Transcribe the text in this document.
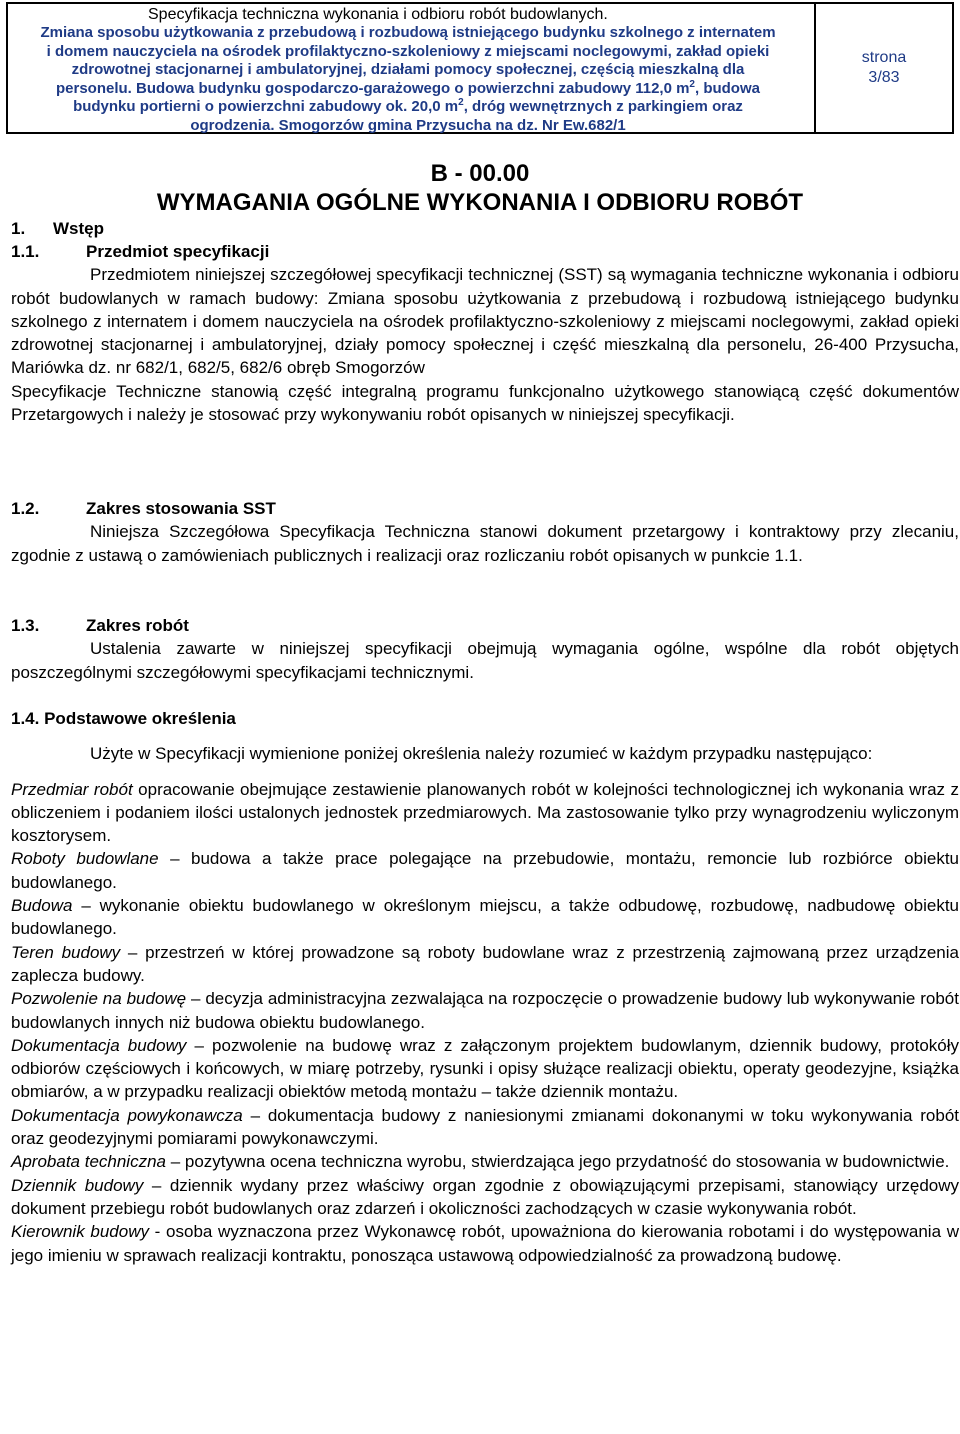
Specyfikacja techniczna wykonania i odbioru robót budowlanych.
Zmiana sposobu użytkowania z przebudową i rozbudową istniejącego budynku szkolnego z internatem
i domem nauczyciela na ośrodek profilaktyczno-szkoleniowy z miejscami noclegowymi, zakład opieki
zdrowotnej stacjonarnej i ambulatoryjnej, działami pomocy społecznej, częścią mieszkalną dla
personelu. Budowa budynku gospodarczo-garażowego o powierzchni zabudowy 112,0 $m^2$, budowa
budynku portierni o powierzchni zabudowy ok. 20,0 $m^2$, dróg wewnętrznych z parkingiem oraz
ogrodzenia. Smogorzów gmina Przysucha na dz. Nr Ew.682/1
strona
3/83
B - 00.00
WYMAGANIA OGÓLNE WYKONANIA I ODBIORU ROBÓT
1. Wstęp
1.1.	Przedmiot specyfikacji

Przedmiotem niniejszej szczegółowej specyfikacji technicznej (SST) są wymagania techniczne wykonania i odbioru robót budowlanych w ramach budowy: Zmiana sposobu użytkowania z przebudową i rozbudową istniejącego budynku szkolnego z internatem i domem nauczyciela na ośrodek profilaktyczno-szkoleniowy z miejscami noclegowymi, zakład opieki zdrowotnej stacjonarnej i ambulatoryjnej, działy pomocy społecznej i część mieszkalną dla personelu, 26-400 Przysucha, Mariówka dz. nr 682/1, 682/5, 682/6 obręb Smogorzów

Specyfikacje Techniczne stanowią część integralną programu funkcjonalno użytkowego stanowiącą część dokumentów Przetargowych i należy je stosować przy wykonywaniu robót opisanych w niniejszej specyfikacji.

1.2.	Zakres stosowania SST

Niniejsza Szczegółowa Specyfikacja Techniczna stanowi dokument przetargowy i kontraktowy przy zlecaniu, zgodnie z ustawą o zamówieniach publicznych i realizacji oraz rozliczaniu robót opisanych w punkcie 1.1.

1.3.	Zakres robót

Ustalenia zawarte w niniejszej specyfikacji obejmują wymagania ogólne, wspólne dla robót objętych poszczególnymi szczegółowymi specyfikacjami technicznymi.

1.4. Podstawowe określenia

Użyte w Specyfikacji wymienione poniżej określenia należy rozumieć w każdym przypadku następująco:

Przedmiar robót opracowanie obejmujące zestawienie planowanych robót w kolejności technologicznej ich wykonania wraz z obliczeniem i podaniem ilości ustalonych jednostek przedmiarowych. Ma zastosowanie tylko przy wynagrodzeniu wyliczonym kosztorysem.

Roboty budowlane – budowa a także prace polegające na przebudowie, montażu, remoncie lub rozbiórce obiektu budowlanego.

Budowa – wykonanie obiektu budowlanego w określonym miejscu, a także odbudowę, rozbudowę, nadbudowę obiektu budowlanego.

Teren budowy – przestrzeń w której prowadzone są roboty budowlane wraz z przestrzenią zajmowaną przez urządzenia zaplecza budowy.

Pozwolenie na budowę – decyzja administracyjna zezwalająca na rozpoczęcie o prowadzenie budowy lub wykonywanie robót budowlanych innych niż budowa obiektu budowlanego.

Dokumentacja budowy – pozwolenie na budowę wraz z załączonym projektem budowlanym, dziennik budowy, protokóły odbiorów częściowych i końcowych, w miarę potrzeby, rysunki i opisy służące realizacji obiektu, operaty geodezyjne, książka obmiarów, a w przypadku realizacji obiektów metodą montażu – także dziennik montażu.

Dokumentacja powykonawcza – dokumentacja budowy z naniesionymi zmianami dokonanymi w toku wykonywania robót oraz geodezyjnymi pomiarami powykonawczymi.

Aprobata techniczna – pozytywna ocena techniczna wyrobu, stwierdzająca jego przydatność do stosowania w budownictwie.

Dziennik budowy – dziennik wydany przez właściwy organ zgodnie z obowiązującymi przepisami, stanowiący urzędowy dokument przebiegu robót budowlanych oraz zdarzeń i okoliczności zachodzących w czasie wykonywania robót.

Kierownik budowy - osoba wyznaczona przez Wykonawcę robót, upoważniona do kierowania robotami i do występowania w jego imieniu w sprawach realizacji kontraktu, ponosząca ustawową odpowiedzialność za prowadzoną budowę.
